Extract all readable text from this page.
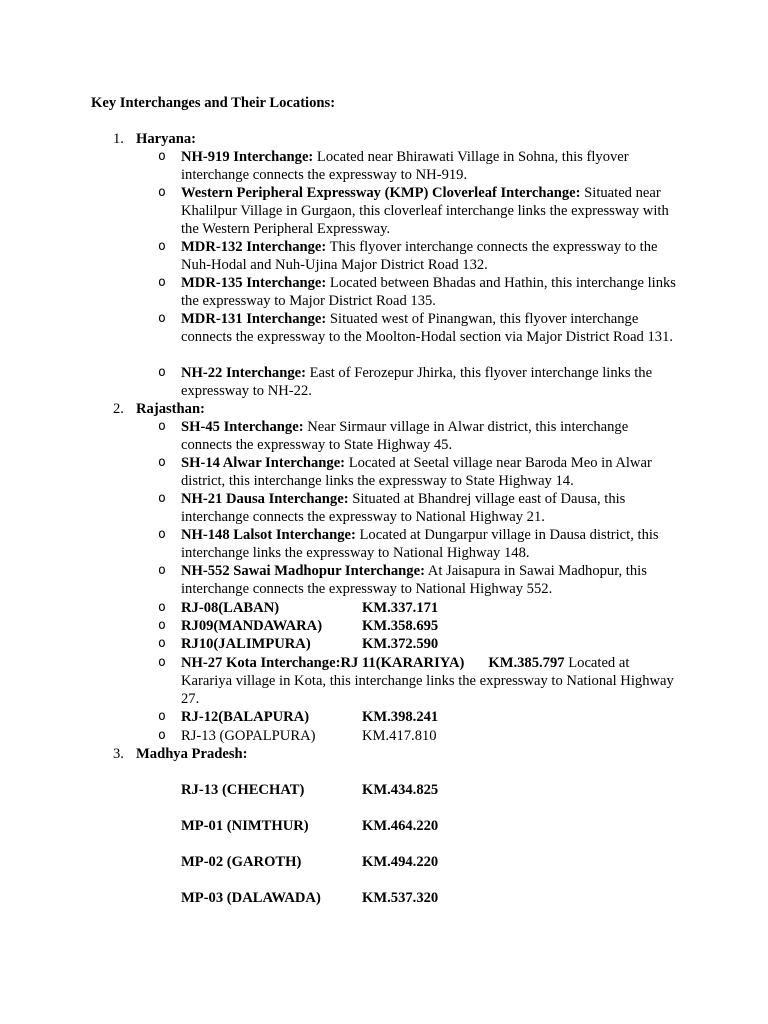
Key Interchanges and Their Locations:
1. Haryana:
o NH-919 Interchange: Located near Bhirawati Village in Sohna, this flyover interchange connects the expressway to NH-919.
o Western Peripheral Expressway (KMP) Cloverleaf Interchange: Situated near Khalilpur Village in Gurgaon, this cloverleaf interchange links the expressway with the Western Peripheral Expressway.
o MDR-132 Interchange: This flyover interchange connects the expressway to the Nuh-Hodal and Nuh-Ujina Major District Road 132.
o MDR-135 Interchange: Located between Bhadas and Hathin, this interchange links the expressway to Major District Road 135.
o MDR-131 Interchange: Situated west of Pinangwan, this flyover interchange connects the expressway to the Moolton-Hodal section via Major District Road 131.
o NH-22 Interchange: East of Ferozepur Jhirka, this flyover interchange links the expressway to NH-22.
2. Rajasthan:
o SH-45 Interchange: Near Sirmaur village in Alwar district, this interchange connects the expressway to State Highway 45.
o SH-14 Alwar Interchange: Located at Seetal village near Baroda Meo in Alwar district, this interchange links the expressway to State Highway 14.
o NH-21 Dausa Interchange: Situated at Bhandrej village east of Dausa, this interchange connects the expressway to National Highway 21.
o NH-148 Lalsot Interchange: Located at Dungarpur village in Dausa district, this interchange links the expressway to National Highway 148.
o NH-552 Sawai Madhopur Interchange: At Jaisapura in Sawai Madhopur, this interchange connects the expressway to National Highway 552.
o RJ-08(LABAN)	KM.337.171
o RJ09(MANDAWARA)	KM.358.695
o RJ10(JALIMPURA)	KM.372.590
o NH-27 Kota Interchange:RJ 11(KARARIYA) KM.385.797 Located at Karariya village in Kota, this interchange links the expressway to National Highway 27.
o RJ-12(BALAPURA)	KM.398.241
o RJ-13 (GOPALPURA)	KM.417.810
3. Madhya Pradesh:
RJ-13 (CHECHAT)	KM.434.825
MP-01 (NIMTHUR)	KM.464.220
MP-02 (GAROTH)	KM.494.220
MP-03 (DALAWADA)	KM.537.320
